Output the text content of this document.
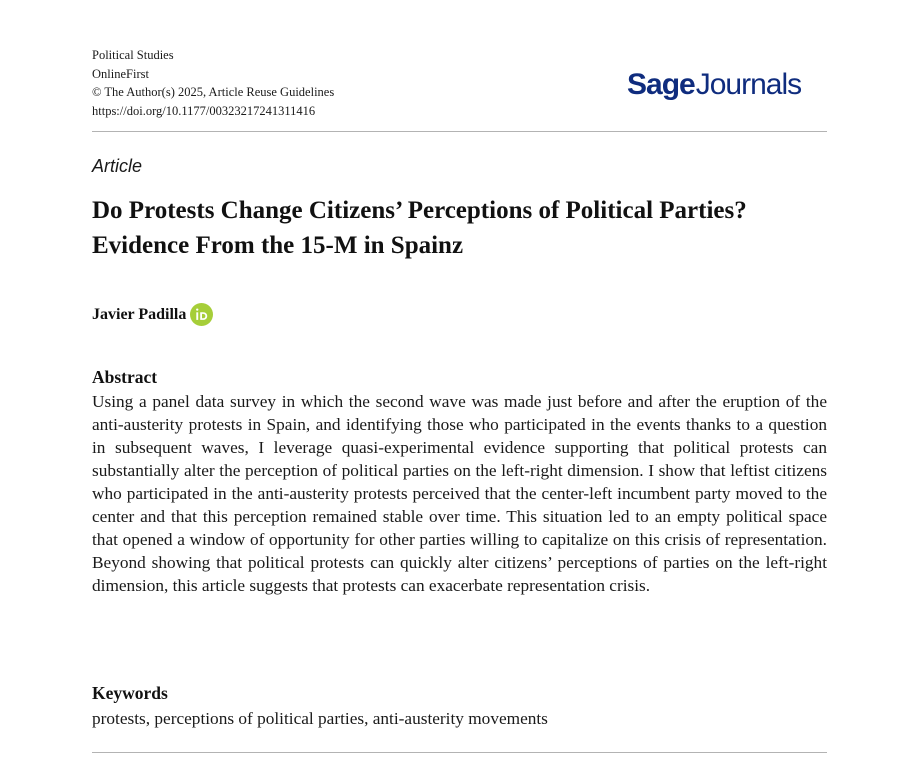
Political Studies
OnlineFirst
© The Author(s) 2025, Article Reuse Guidelines
https://doi.org/10.1177/00323217241311416
SageJournals
Article
Do Protests Change Citizens’ Perceptions of Political Parties? Evidence From the 15-M in Spainz
Javier Padilla
Abstract

Using a panel data survey in which the second wave was made just before and after the eruption of the anti-austerity protests in Spain, and identifying those who participated in the events thanks to a question in subsequent waves, I leverage quasi-experimental evidence supporting that political protests can substantially alter the perception of political parties on the left-right dimension. I show that leftist citizens who participated in the anti-austerity protests perceived that the center-left incumbent party moved to the center and that this perception remained stable over time. This situation led to an empty political space that opened a window of opportunity for other parties willing to capitalize on this crisis of representation. Beyond showing that political protests can quickly alter citizens’ perceptions of parties on the left-right dimension, this article suggests that protests can exacerbate representation crisis.

Keywords
protests, perceptions of political parties, anti-austerity movements
